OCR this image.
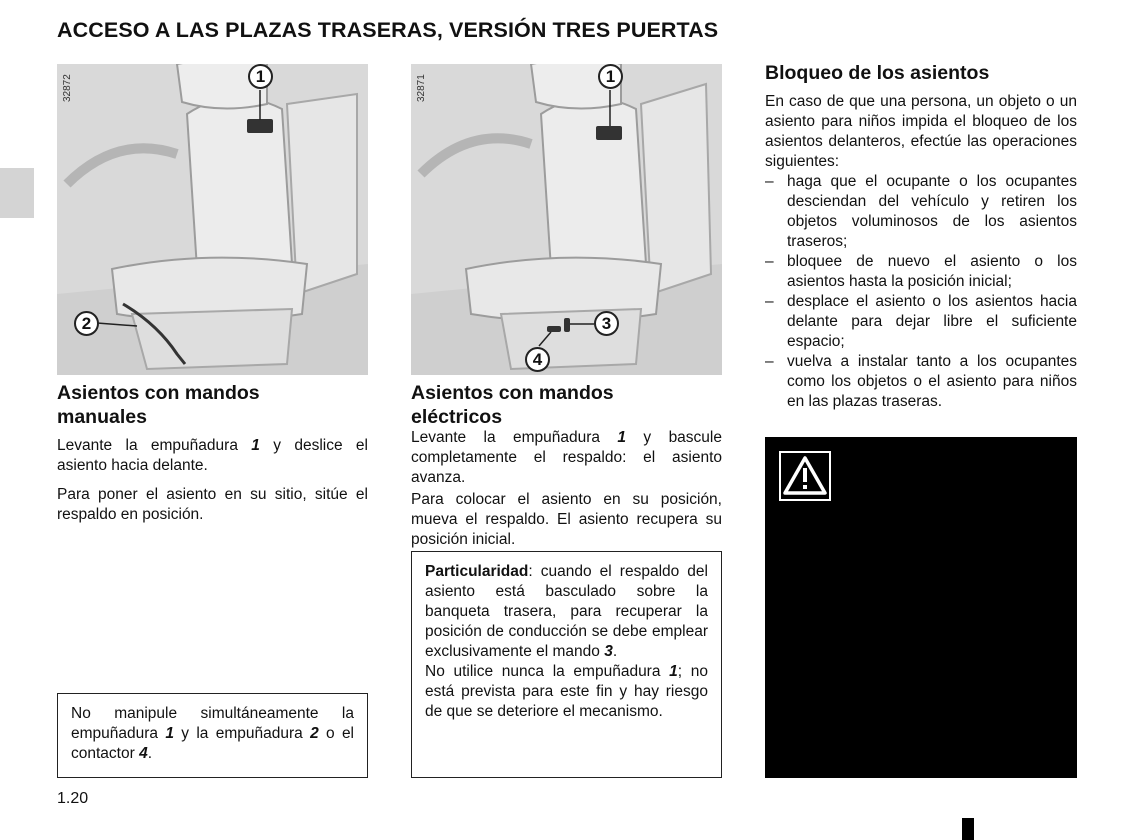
ACCESO A LAS PLAZAS TRASERAS, VERSIÓN TRES PUERTAS
32872	1
2
32871	1
3
4
Asientos con mandos
manuales

Levante la empuñadura 1 y deslice el asiento hacia delante.

Para poner el asiento en su sitio, sitúe el respaldo en posición.

No manipule simultáneamente la empuñadura 1 y la empuñadura 2 o el contactor 4.

Asientos con mandos
eléctricos

Levante la empuñadura 1 y bascule completamente el respaldo: el asiento avanza.

Para colocar el asiento en su posición, mueva el respaldo. El asiento recupera su posición inicial.

Particularidad: cuando el respaldo del asiento está basculado sobre la banqueta trasera, para recuperar la posición de conducción se debe emplear exclusivamente el mando 3.

No utilice nunca la empuñadura 1; no está prevista para este fin y hay riesgo de que se deteriore el mecanismo.

Bloqueo de los asientos

En caso de que una persona, un objeto o un asiento para niños impida el bloqueo de los asientos delanteros, efectúe las operaciones siguientes:

– haga que el ocupante o los ocupantes desciendan del vehículo y retiren los objetos voluminosos de los asientos traseros;
– bloquee de nuevo el asiento o los asientos hasta la posición inicial;
– desplace el asiento o los asientos hacia delante para dejar libre el suficiente espacio;
– vuelva a instalar tanto a los ocupantes como los objetos o el asiento para niños en las plazas traseras.
1.20
